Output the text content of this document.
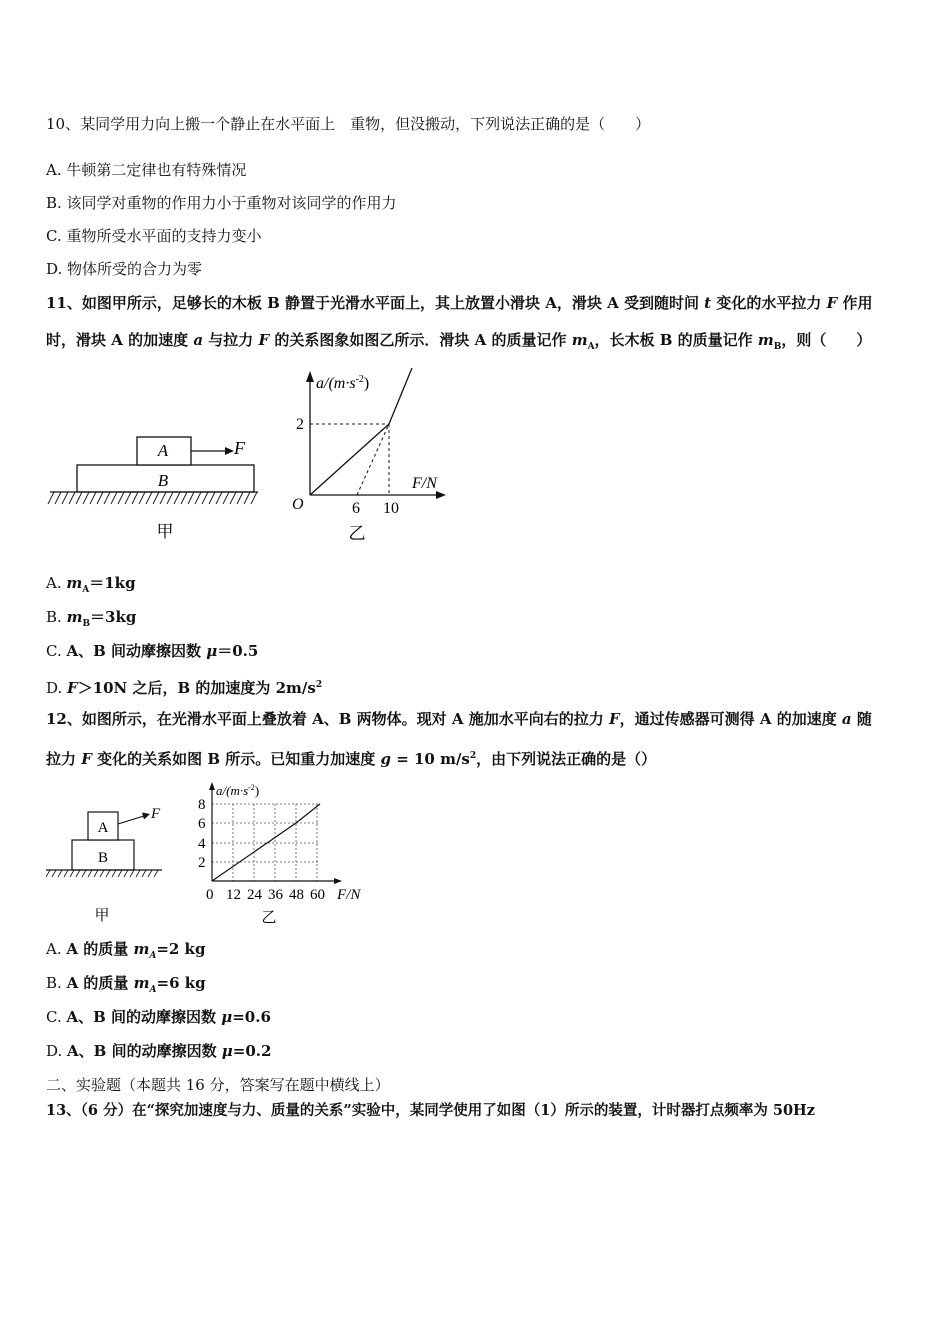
10、某同学用力向上搬一个静止在水平面上　重物，但没搬动，下列说法正确的是（　　）
A. 牛顿第二定律也有特殊情况
B. 该同学对重物的作用力小于重物对该同学的作用力
C. 重物所受水平面的支持力变小
D. 物体所受的合力为零
11、如图甲所示，足够长的木板 B 静置于光滑水平面上，其上放置小滑块 A，滑块 A 受到随时间 t 变化的水平拉力 F 作用
时，滑块 A 的加速度 a 与拉力 F 的关系图象如图乙所示．滑块 A 的质量记作 $m_A$，长木板 B 的质量记作 $m_B$，则（　　）
A
B
F
甲
$a/(m\cdot s^{-2})$
2
F/N
O	6 10
乙
A. $m_A=1kg$
B. $m_B=3kg$
C. A、B 间动摩擦因数 μ＝0.5
D. F＞10N 之后，B 的加速度为 $2m/s^2$
12、如图所示，在光滑水平面上叠放着 A、B 两物体。现对 A 施加水平向右的拉力 F，通过传感器可测得 A 的加速度 a 随
拉力 F 变化的关系如图 B 所示。已知重力加速度 g = 10 $m/s^2$，由下列说法正确的是（）
A
B
F
甲
$a/(m\cdot s^{-2})$
8
6
4
2
0 12 24 36 48 60 F/N
乙
A. A 的质量 $m_A=2$ kg
B. A 的质量 $m_A=6$ kg
C. A、B 间的动摩擦因数 μ=0.6
D. A、B 间的动摩擦因数 μ=0.2
二、实验题（本题共 16 分，答案写在题中横线上）
13、（6 分）在“探究加速度与力、质量的关系”实验中，某同学使用了如图（1）所示的装置，计时器打点频率为 50Hz
